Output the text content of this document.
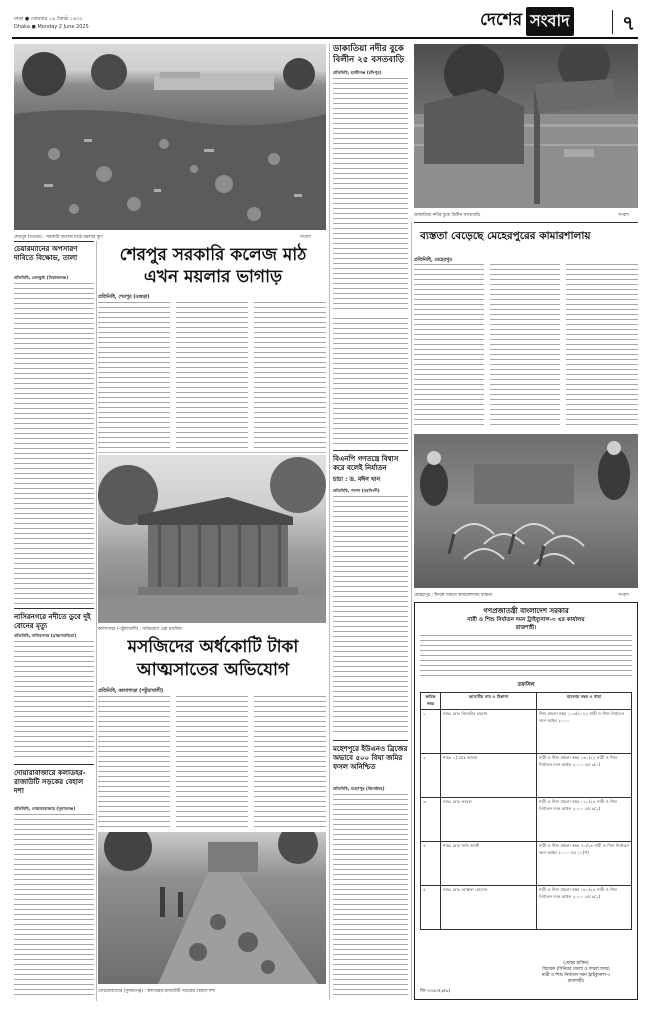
ঢাকা ● সোমবার ১৯ জ্যৈষ্ঠ ১৪৩২
Dhaka ● Monday 2 June 2025	দেশের সংবাদ	৭
শেরপুর (বগুড়া) : সরকারি কলেজ মাঠে ময়লার স্তূপ	সংবাদ
ডাকাতিয়া নদীর বুকে বিলীন ২৫ বসতবাড়ি
প্রতিনিধি, হাজীগঞ্জ (চাঁদপুর)
ডাকাতিয়া নদীর বুকে বিলীন বসতবাড়ি	সংবাদ
ব্যস্ততা বেড়েছে মেহেরপুরের কামারশালায়
প্রতিনিধি, মেহেরপুর
চেয়ারম্যানের অপসারণ দাবিতে বিক্ষোভ, তালা
প্রতিনিধি, বেলকুচি (সিরাজগঞ্জ)
শেরপুর সরকারি কলেজ মাঠ
এখন ময়লার ভাগাড়
প্রতিনিধি, শেরপুর (বগুড়া)
বিএনপি গণতন্ত্রে বিশ্বাস করে বলেই নির্যাতন
চাচা : ড. মঈন খান
প্রতিনিধি, পলাশ (নরসিংদী)
কালাপাড়া (পটুয়াখালী) : অভিযোগ ওঠা মসজিদ
নাসিরনগরে নদীতে ডুবে দুই বোনের মৃত্যু
প্রতিনিধি, নাসিরনগর (ব্রাহ্মণবাড়িয়া)
মসজিদের অর্ধকোটি টাকা
আত্মসাতের অভিযোগ
প্রতিনিধি, কালাপাড়া (পটুয়াখালী)
দোয়ারাবাজারে কলাডহর-রাজাউটি সড়কের বেহাল দশা
প্রতিনিধি, দোয়ারাবাজার (সুনামগঞ্জ)
দোয়ারাবাজার (সুনামগঞ্জ) : কলাডহর-রাজাউটি সড়কের বেহাল দশা
মহেশপুরে ইউএনও ব্রিজের অভাবে ৫০০ বিঘা জমির ফসল অনিশ্চিত
প্রতিনিধি, মহেশপুর (ঝিনাইদহ)
মেহেরপুর : ঈদকে সামনে কামারশালায় ব্যস্ততা	সংবাদ
গণপ্রজাতন্ত্রী বাংলাদেশ সরকার
নারী ও শিশু নির্যাতন দমন ট্রাইব্যুনাল-৩ এর কার্যালয়
রাজশাহী।
তফসিল
ক্রমিক নম্বর	আসামীর নাম ও ঠিকানা	মামলার নম্বর ও ধারা
১	নামঃ মোঃ জিয়াউর রহমান	শিশু মামলা নম্বর ১১৩/২০২২ নারী ও শিশু নির্যাতন দমন আইন ২০০০
২	নামঃ ১) মোঃ আলম	নারী ও শিশু মামলা নম্বর ১৬০/২২ নারী ও শিশু নির্যাতন দমন আইন ২০০০ এর ৯(১)
৩	নামঃ মোঃ রুবেল	নারী ও শিশু মামলা নম্বর ১১০/২৪ নারী ও শিশু নির্যাতন দমন আইন ২০০০ এর ৯(১)
৪	নামঃ মোঃ জনি আলী	নারী ও শিশু মামলা নম্বর ৭০/২৪ নারী ও শিশু নির্যাতন দমন আইন ২০০০ এর ১১(গ)
৫	নামঃ মোঃ মোস্তফা হোসেন	নারী ও শিশু মামলা নম্বর ১৮০/২৪ নারী ও শিশু নির্যাতন দমন আইন ২০০০ এর ৯(১)
(মোহর হাকিম)
বিচারক (সিনিয়র জেলা ও দায়রা জজ)
নারী ও শিশু নির্যাতন দমন ট্রাইব্যুনাল-৩
রাজশাহী।
জি-৩৩৬৩(৬/৬)
